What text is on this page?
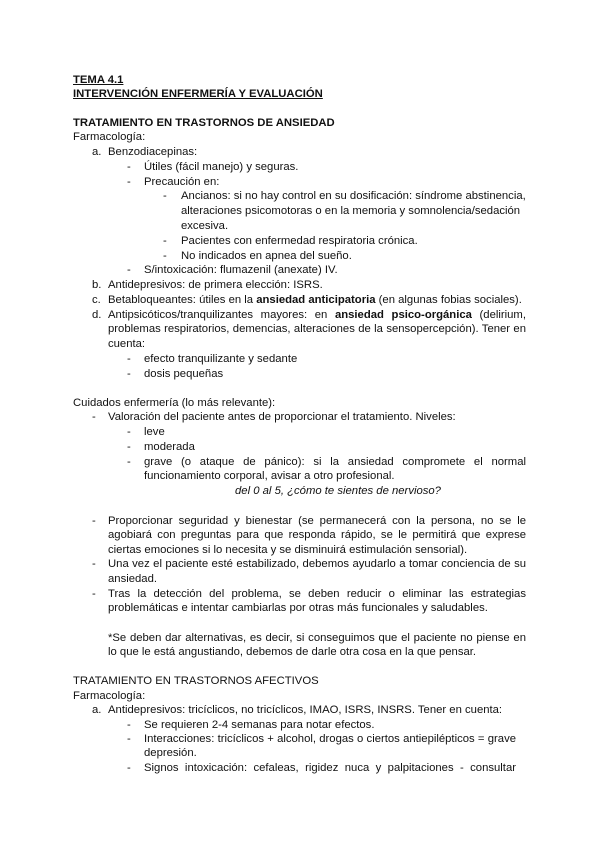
TEMA 4.1
INTERVENCIÓN ENFERMERÍA Y EVALUACIÓN
TRATAMIENTO EN TRASTORNOS DE ANSIEDAD
Farmacología:
a. Benzodiacepinas:
- Útiles (fácil manejo) y seguras.
- Precaución en:
- Ancianos: si no hay control en su dosificación: síndrome abstinencia,
alteraciones psicomotoras o en la memoria y somnolencia/sedación
excesiva.
- Pacientes con enfermedad respiratoria crónica.
- No indicados en apnea del sueño.
- S/intoxicación: flumazenil (anexate) IV.
b. Antidepresivos: de primera elección: ISRS.
c. Betabloqueantes: útiles en la ansiedad anticipatoria (en algunas fobias sociales).
d. Antipsicóticos/tranquilizantes mayores: en ansiedad psico-orgánica (delirium,
problemas respiratorios, demencias, alteraciones de la sensopercepción). Tener en
cuenta:
- efecto tranquilizante y sedante
- dosis pequeñas
Cuidados enfermería (lo más relevante):
- Valoración del paciente antes de proporcionar el tratamiento. Niveles:
- leve
- moderada
- grave (o ataque de pánico): si la ansiedad compromete el normal
funcionamiento corporal, avisar a otro profesional.
del 0 al 5, ¿cómo te sientes de nervioso?
- Proporcionar seguridad y bienestar (se permanecerá con la persona, no se le
agobiará con preguntas para que responda rápido, se le permitirá que exprese
ciertas emociones si lo necesita y se disminuirá estimulación sensorial).
- Una vez el paciente esté estabilizado, debemos ayudarlo a tomar conciencia de su
ansiedad.
- Tras la detección del problema, se deben reducir o eliminar las estrategias
problemáticas e intentar cambiarlas por otras más funcionales y saludables.
*Se deben dar alternativas, es decir, si conseguimos que el paciente no piense en
lo que le está angustiando, debemos de darle otra cosa en la que pensar.
TRATAMIENTO EN TRASTORNOS AFECTIVOS
Farmacología:
a. Antidepresivos: tricíclicos, no tricíclicos, IMAO, ISRS, INSRS. Tener en cuenta:
- Se requieren 2-4 semanas para notar efectos.
- Interacciones: tricíclicos + alcohol, drogas o ciertos antiepilépticos = grave
depresión.
- Signos intoxicación: cefaleas, rigidez nuca y palpitaciones - consultar
